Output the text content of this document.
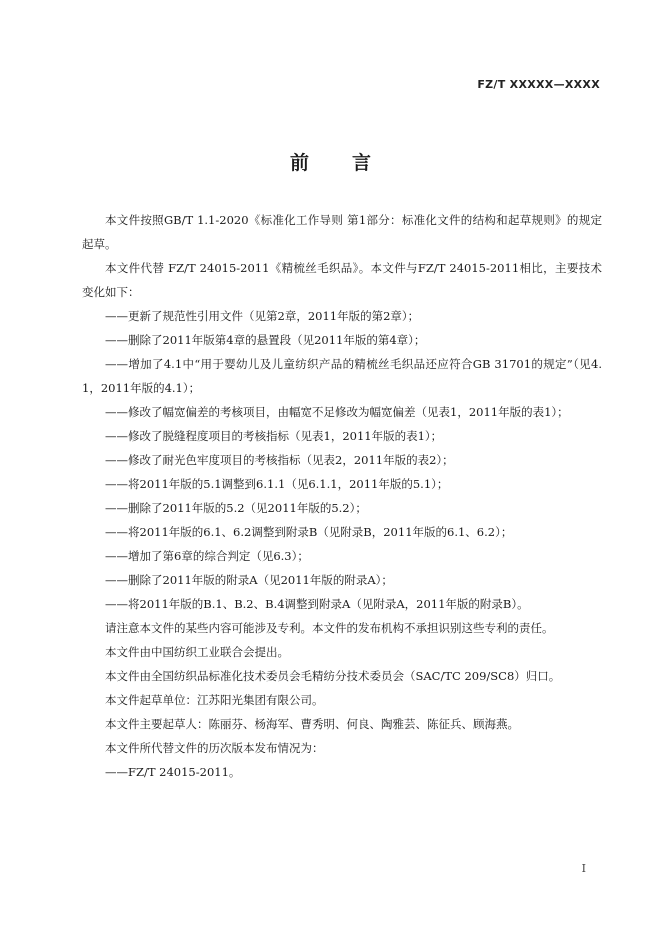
FZ/T XXXXX—XXXX
前 言

本文件按照GB/T 1.1-2020《标准化工作导则 第1部分：标准化文件的结构和起草规则》的规定起草。

本文件代替 FZ/T 24015-2011《精梳丝毛织品》。本文件与FZ/T 24015-2011相比，主要技术变化如下：

——更新了规范性引用文件（见第2章，2011年版的第2章）；

——删除了2011年版第4章的悬置段（见2011年版的第4章）；

——增加了4.1中“用于婴幼儿及儿童纺织产品的精梳丝毛织品还应符合GB 31701的规定”（见4.1，2011年版的4.1）；

——修改了幅宽偏差的考核项目，由幅宽不足修改为幅宽偏差（见表1，2011年版的表1）；

——修改了脱缝程度项目的考核指标（见表1，2011年版的表1）；

——修改了耐光色牢度项目的考核指标（见表2，2011年版的表2）；

——将2011年版的5.1调整到6.1.1（见6.1.1，2011年版的5.1）；

——删除了2011年版的5.2（见2011年版的5.2）；

——将2011年版的6.1、6.2调整到附录B（见附录B，2011年版的6.1、6.2）；

——增加了第6章的综合判定（见6.3）；

——删除了2011年版的附录A（见2011年版的附录A）；

——将2011年版的B.1、B.2、B.4调整到附录A（见附录A，2011年版的附录B）。

请注意本文件的某些内容可能涉及专利。本文件的发布机构不承担识别这些专利的责任。

本文件由中国纺织工业联合会提出。

本文件由全国纺织品标准化技术委员会毛精纺分技术委员会（SAC/TC 209/SC8）归口。

本文件起草单位：江苏阳光集团有限公司。

本文件主要起草人：陈丽芬、杨海军、曹秀明、何良、陶雅芸、陈征兵、顾海燕。

本文件所代替文件的历次版本发布情况为：

——FZ/T 24015-2011。

I
